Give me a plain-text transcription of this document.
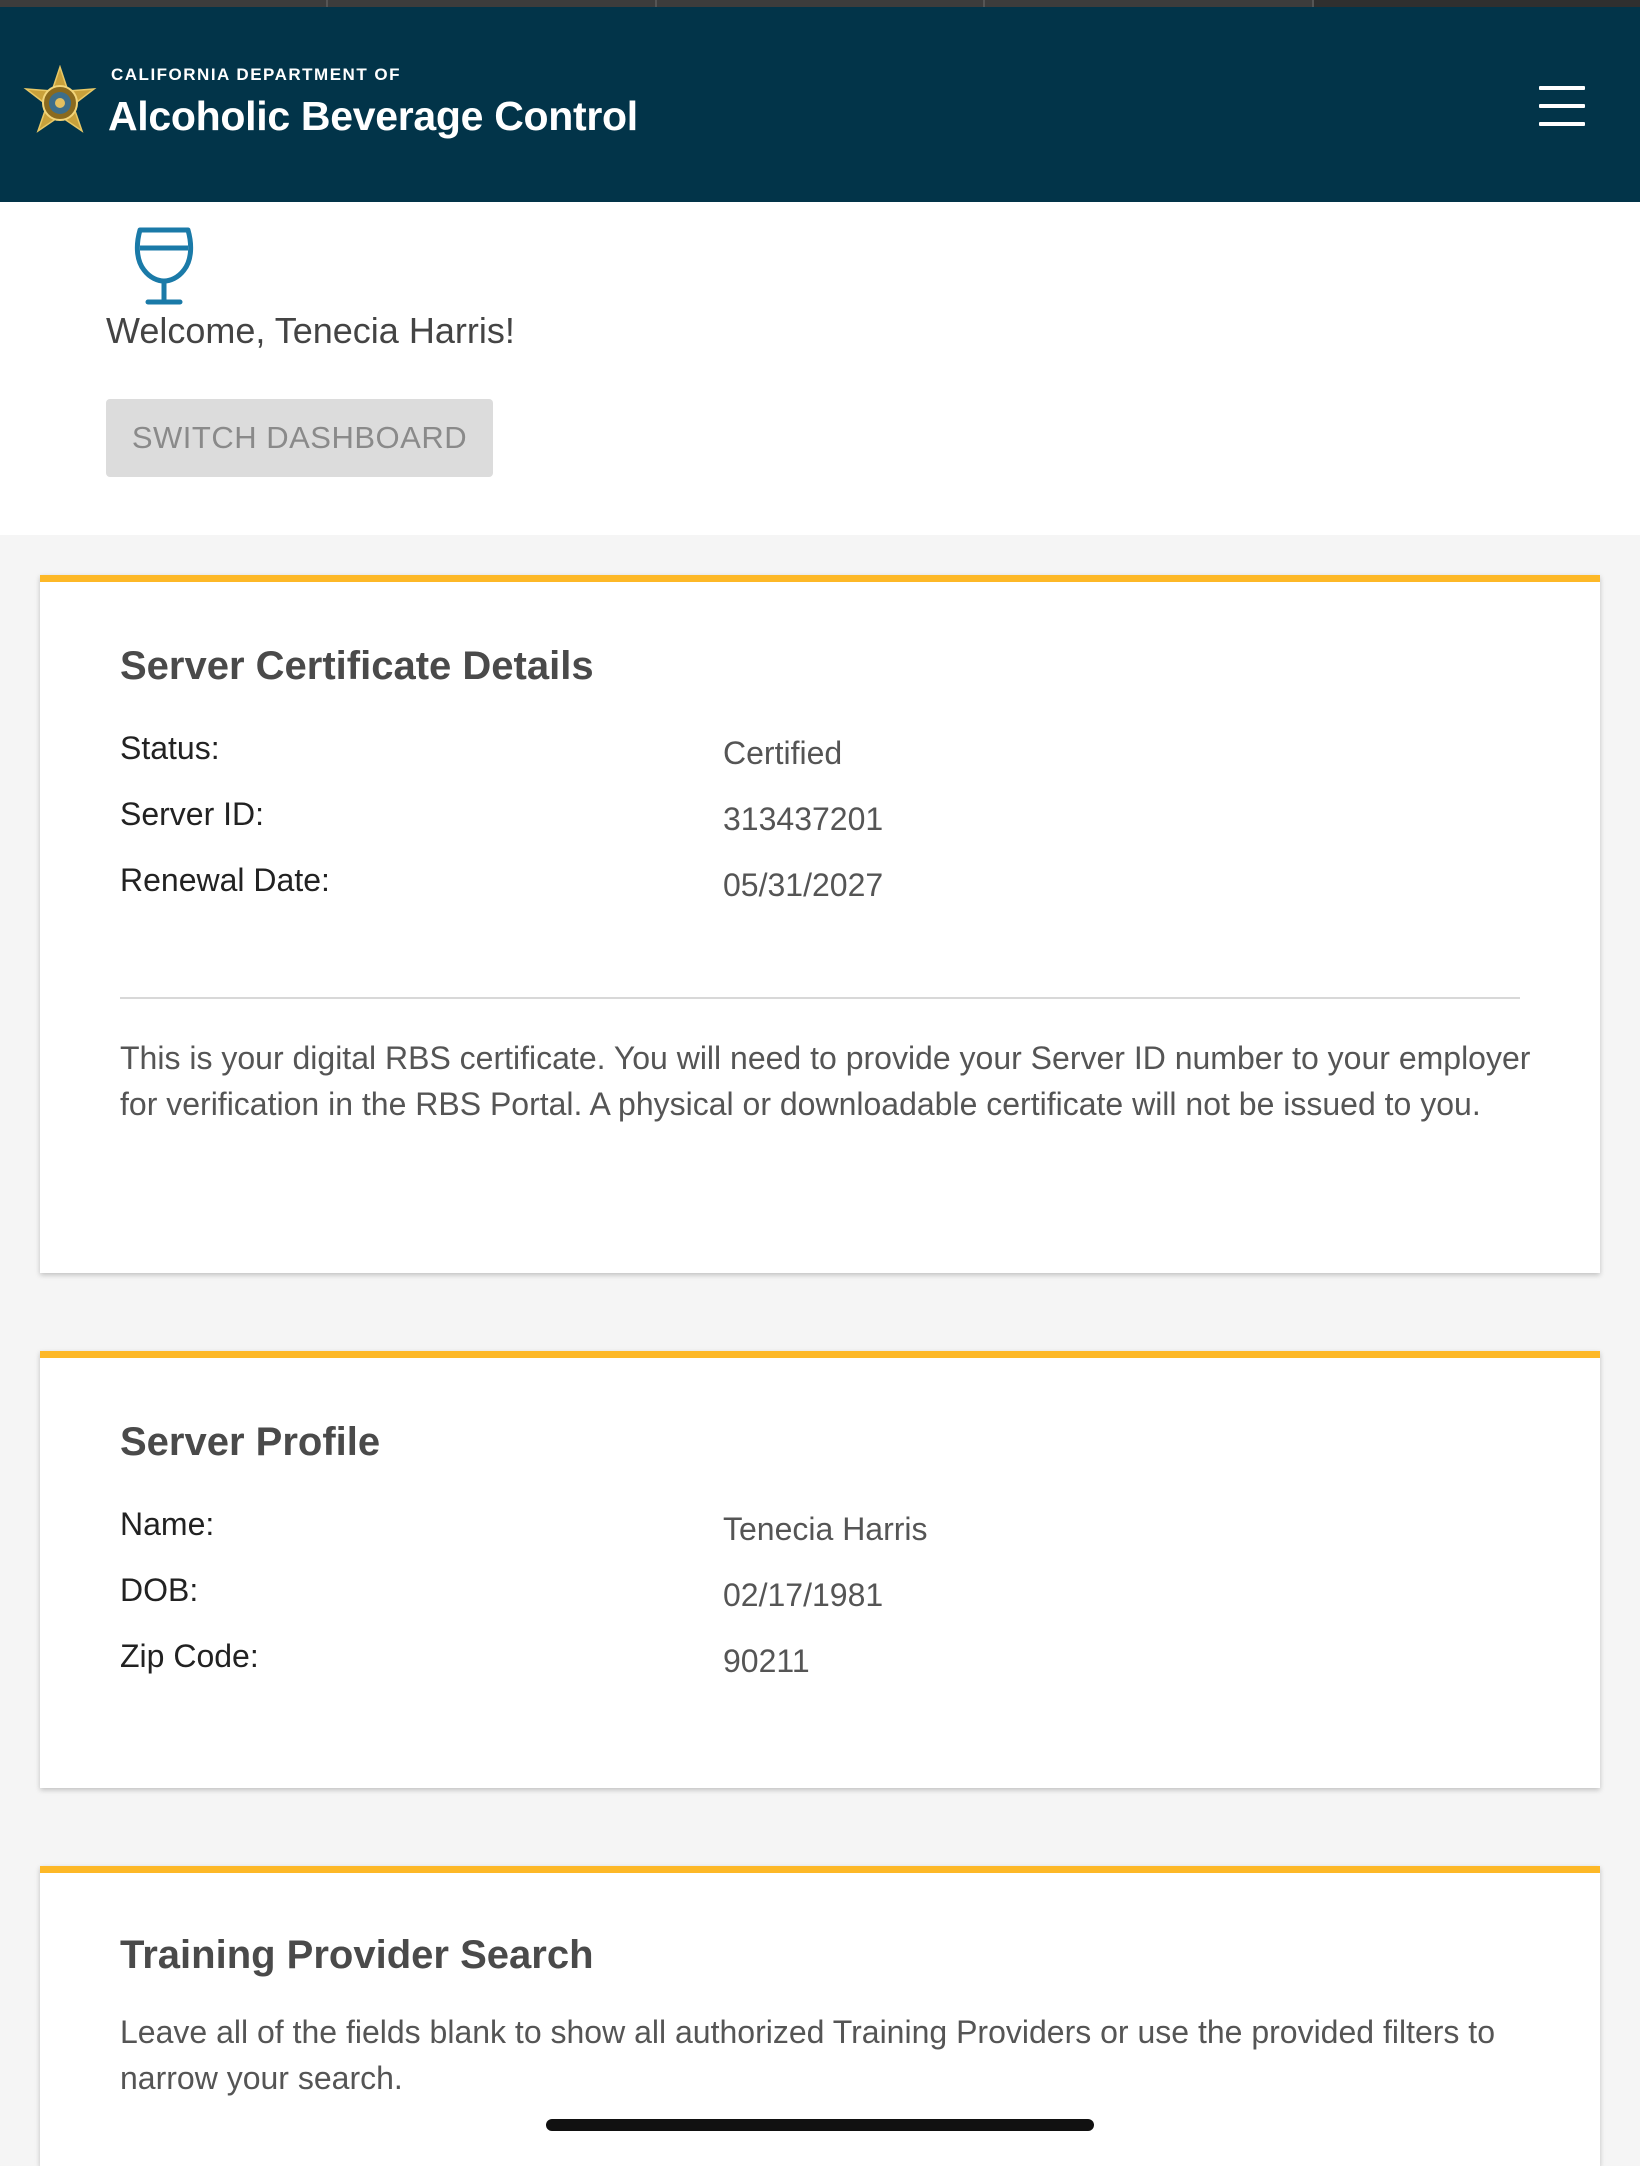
CALIFORNIA DEPARTMENT OF
Alcoholic Beverage Control
Welcome, Tenecia Harris!
SWITCH DASHBOARD
Server Certificate Details
Status:	Certified
Server ID:	313437201
Renewal Date:	05/31/2027
This is your digital RBS certificate. You will need to provide your Server ID number to your employer for verification in the RBS Portal. A physical or downloadable certificate will not be issued to you.
Server Profile
Name:	Tenecia Harris
DOB:	02/17/1981
Zip Code:	90211
Training Provider Search
Leave all of the fields blank to show all authorized Training Providers or use the provided filters to narrow your search.
